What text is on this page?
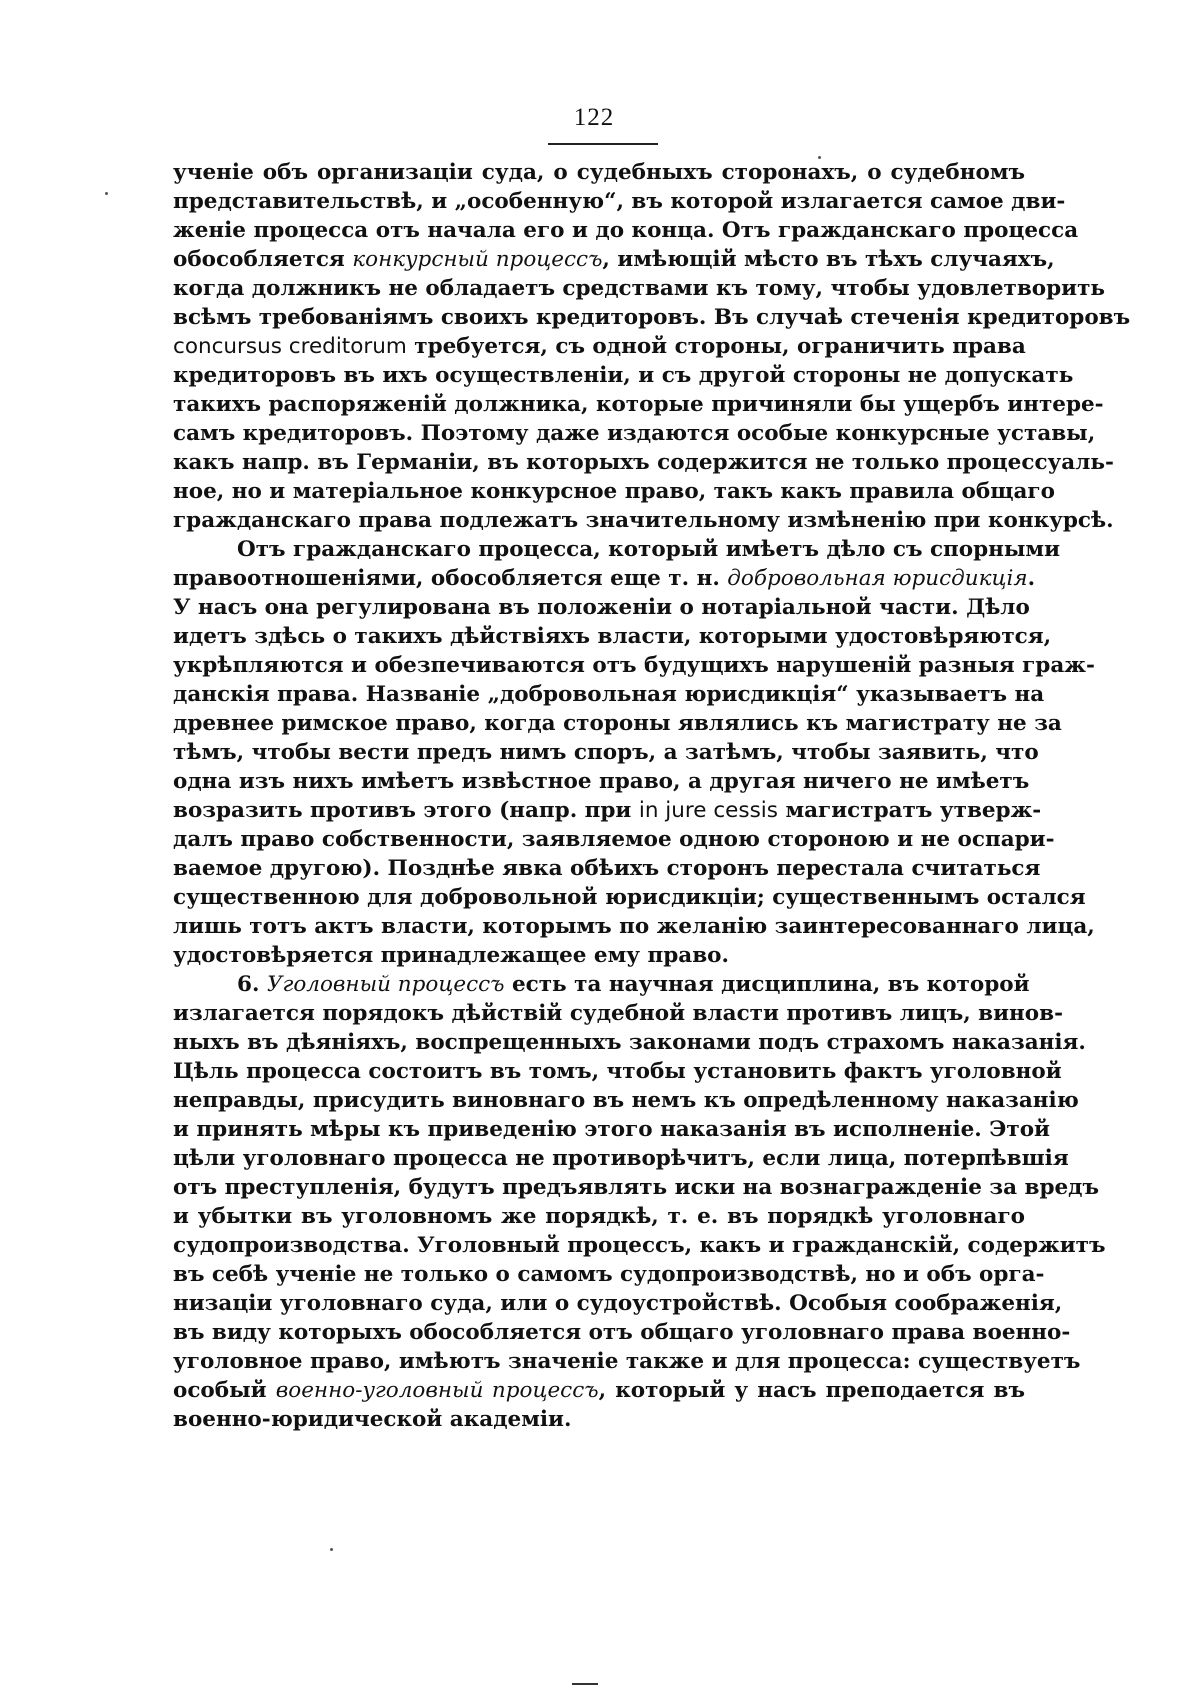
122
ученіе объ организаціи суда, о судебныхъ сторонахъ, о судебномъ
представительствѣ, и „особенную“, въ которой излагается самое дви-
женіе процесса отъ начала его и до конца. Отъ гражданскаго процесса
обособляется конкурсный процессъ, имѣющій мѣсто въ тѣхъ случаяхъ,
когда должникъ не обладаетъ средствами къ тому, чтобы удовлетворить
всѣмъ требованіямъ своихъ кредиторовъ. Въ случаѣ стеченія кредиторовъ
concursus creditorum требуется, съ одной стороны, ограничить права
кредиторовъ въ ихъ осуществленіи, и съ другой стороны не допускать
такихъ распоряженій должника, которые причиняли бы ущербъ интере-
самъ кредиторовъ. Поэтому даже издаются особые конкурсные уставы,
какъ напр. въ Германіи, въ которыхъ содержится не только процессуаль-
ное, но и матеріальное конкурсное право, такъ какъ правила общаго
гражданскаго права подлежатъ значительному измѣненію при конкурсѣ.
Отъ гражданскаго процесса, который имѣетъ дѣло съ спорными
правоотношеніями, обособляется еще т. н. добровольная юрисдикція.
У насъ она регулирована въ положеніи о нотаріальной части. Дѣло
идетъ здѣсь о такихъ дѣйствіяхъ власти, которыми удостовѣряются,
укрѣпляются и обезпечиваются отъ будущихъ нарушеній разныя граж-
данскія права. Названіе „добровольная юрисдикція“ указываетъ на
древнее римское право, когда стороны являлись къ магистрату не за
тѣмъ, чтобы вести предъ нимъ споръ, а затѣмъ, чтобы заявить, что
одна изъ нихъ имѣетъ извѣстное право, а другая ничего не имѣетъ
возразить противъ этого (напр. при in jure cessis магистратъ утверж-
далъ право собственности, заявляемое одною стороною и не оспари-
ваемое другою). Позднѣе явка обѣихъ сторонъ перестала считаться
существенною для добровольной юрисдикціи; существеннымъ остался
лишь тотъ актъ власти, которымъ по желанію заинтересованнаго лица,
удостовѣряется принадлежащее ему право.
6. Уголовный процессъ есть та научная дисциплина, въ которой
излагается порядокъ дѣйствій судебной власти противъ лицъ, винов-
ныхъ въ дѣяніяхъ, воспрещенныхъ законами подъ страхомъ наказанія.
Цѣль процесса состоитъ въ томъ, чтобы установить фактъ уголовной
неправды, присудить виновнаго въ немъ къ опредѣленному наказанію
и принять мѣры къ приведенію этого наказанія въ исполненіе. Этой
цѣли уголовнаго процесса не противорѣчитъ, если лица, потерпѣвшія
отъ преступленія, будутъ предъявлять иски на вознагражденіе за вредъ
и убытки въ уголовномъ же порядкѣ, т. е. въ порядкѣ уголовнаго
судопроизводства. Уголовный процессъ, какъ и гражданскій, содержитъ
въ себѣ ученіе не только о самомъ судопроизводствѣ, но и объ орга-
низаціи уголовнаго суда, или о судоустройствѣ. Особыя соображенія,
въ виду которыхъ обособляется отъ общаго уголовнаго права военно-
уголовное право, имѣютъ значеніе также и для процесса: существуетъ
особый военно-уголовный процессъ, который у насъ преподается въ
военно-юридической академіи.
